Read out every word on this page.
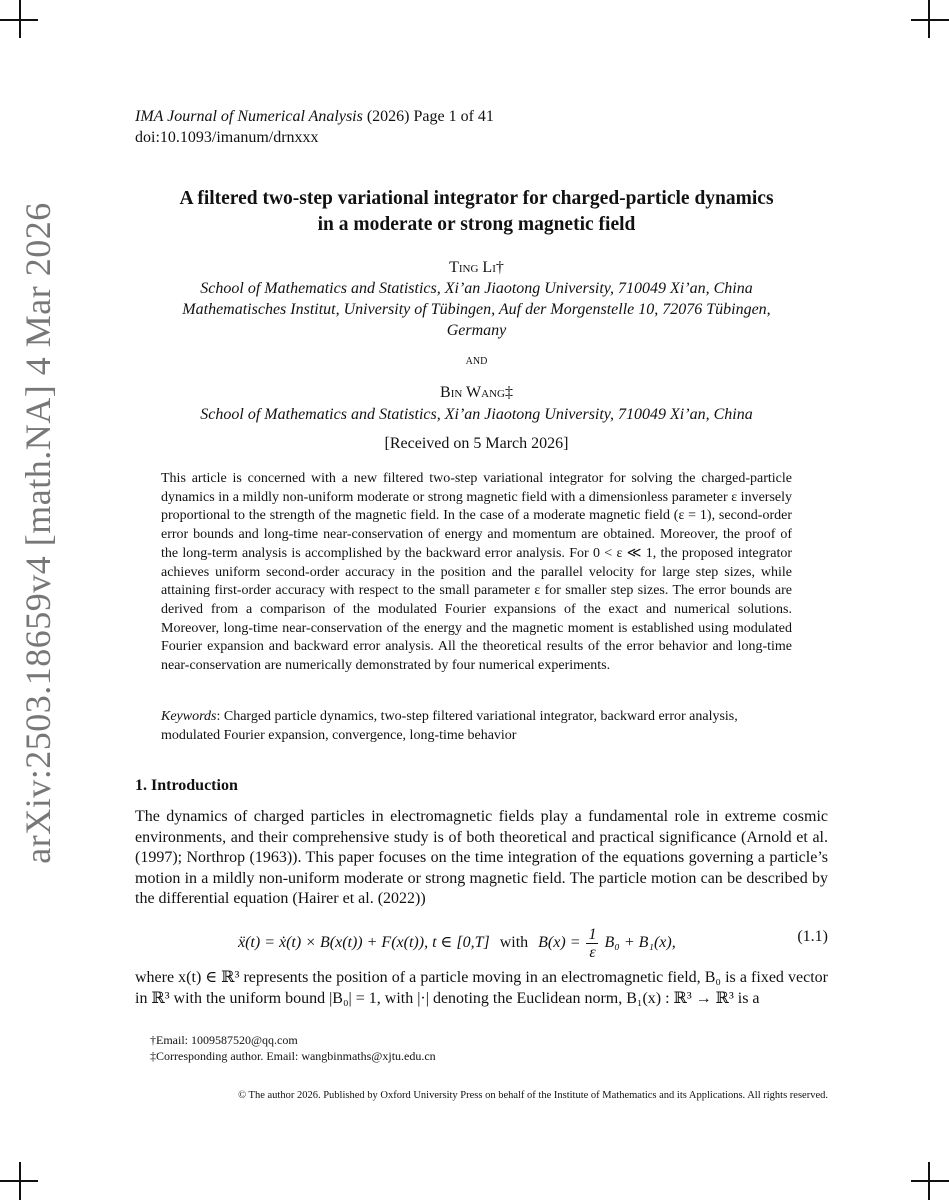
arXiv:2503.18659v4 [math.NA] 4 Mar 2026
IMA Journal of Numerical Analysis (2026) Page 1 of 41
doi:10.1093/imanum/drnxxx
A filtered two-step variational integrator for charged-particle dynamics
in a moderate or strong magnetic field
Ting Li†
School of Mathematics and Statistics, Xi’an Jiaotong University, 710049 Xi’an, China
Mathematisches Institut, University of Tübingen, Auf der Morgenstelle 10, 72076 Tübingen,
Germany
and
Bin Wang‡
School of Mathematics and Statistics, Xi’an Jiaotong University, 710049 Xi’an, China
[Received on 5 March 2026]
This article is concerned with a new filtered two-step variational integrator for solving the charged-particle dynamics in a mildly non-uniform moderate or strong magnetic field with a dimensionless parameter ε inversely proportional to the strength of the magnetic field. In the case of a moderate magnetic field (ε = 1), second-order error bounds and long-time near-conservation of energy and momentum are obtained. Moreover, the proof of the long-term analysis is accomplished by the backward error analysis. For 0 < ε ≪ 1, the proposed integrator achieves uniform second-order accuracy in the position and the parallel velocity for large step sizes, while attaining first-order accuracy with respect to the small parameter ε for smaller step sizes. The error bounds are derived from a comparison of the modulated Fourier expansions of the exact and numerical solutions. Moreover, long-time near-conservation of the energy and the magnetic moment is established using modulated Fourier expansion and backward error analysis. All the theoretical results of the error behavior and long-time near-conservation are numerically demonstrated by four numerical experiments.
Keywords: Charged particle dynamics, two-step filtered variational integrator, backward error analysis, modulated Fourier expansion, convergence, long-time behavior
1. Introduction
The dynamics of charged particles in electromagnetic fields play a fundamental role in extreme cosmic environments, and their comprehensive study is of both theoretical and practical significance (Arnold et al. (1997); Northrop (1963)). This paper focuses on the time integration of the equations governing a particle’s motion in a mildly non-uniform moderate or strong magnetic field. The particle motion can be described by the differential equation (Hairer et al. (2022))
ẍ(t) = ẋ(t) × B(x(t)) + F(x(t)), t ∈ [0,T] with $B(x) = \frac{1}{\varepsilon} B_0 + B_1(x)$,	(1.1)
where x(t) ∈ ℝ³ represents the position of a particle moving in an electromagnetic field, B₀ is a fixed vector in ℝ³ with the uniform bound |B₀| = 1, with |·| denoting the Euclidean norm, B₁(x) : ℝ³ → ℝ³ is a
†Email: 1009587520@qq.com
‡Corresponding author. Email: wangbinmaths@xjtu.edu.cn
© The author 2026. Published by Oxford University Press on behalf of the Institute of Mathematics and its Applications. All rights reserved.
